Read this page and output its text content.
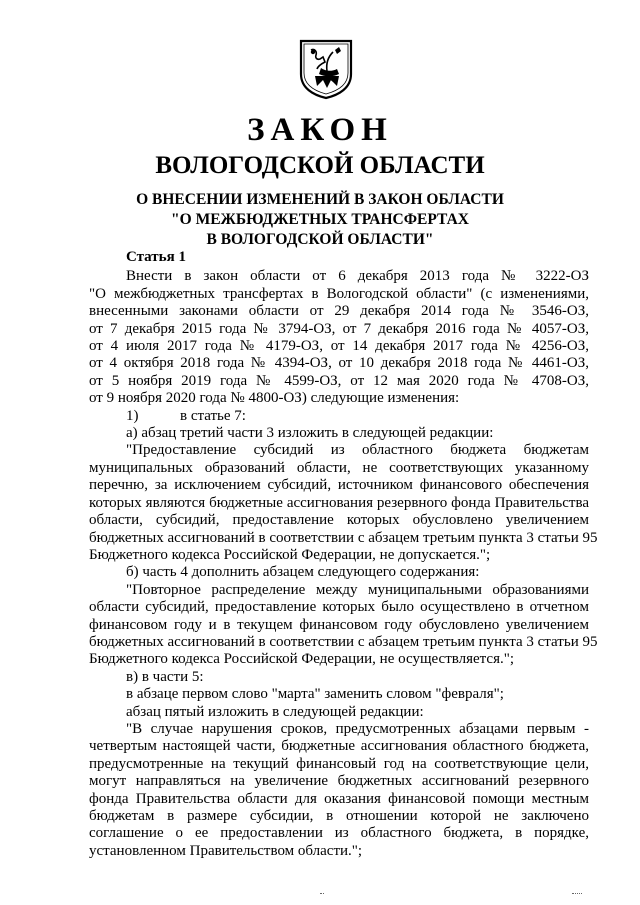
ЗАКОН
ВОЛОГОДСКОЙ ОБЛАСТИ
О ВНЕСЕНИИ ИЗМЕНЕНИЙ В ЗАКОН ОБЛАСТИ
"О МЕЖБЮДЖЕТНЫХ ТРАНСФЕРТАХ
В ВОЛОГОДСКОЙ ОБЛАСТИ"

Статья 1

Внести в закон области от 6 декабря 2013 года № 3222-ОЗ

"О межбюджетных трансфертах в Вологодской области" (с изменениями,

внесенными законами области от 29 декабря 2014 года № 3546-ОЗ,

от 7 декабря 2015 года № 3794-ОЗ, от 7 декабря 2016 года № 4057-ОЗ,

от 4 июля 2017 года № 4179-ОЗ, от 14 декабря 2017 года № 4256-ОЗ,

от 4 октября 2018 года № 4394-ОЗ, от 10 декабря 2018 года № 4461-ОЗ,

от 5 ноября 2019 года № 4599-ОЗ, от 12 мая 2020 года № 4708-ОЗ,

от 9 ноября 2020 года № 4800-ОЗ) следующие изменения:

1)	в статье 7:

а) абзац третий части 3 изложить в следующей редакции:

"Предоставление субсидий из областного бюджета бюджетам

муниципальных образований области, не соответствующих указанному

перечню, за исключением субсидий, источником финансового обеспечения

которых являются бюджетные ассигнования резервного фонда Правительства

области, субсидий, предоставление которых обусловлено увеличением

бюджетных ассигнований в соответствии с абзацем третьим пункта 3 статьи 95

Бюджетного кодекса Российской Федерации, не допускается.";

б) часть 4 дополнить абзацем следующего содержания:

"Повторное распределение между муниципальными образованиями

области субсидий, предоставление которых было осуществлено в отчетном

финансовом году и в текущем финансовом году обусловлено увеличением

бюджетных ассигнований в соответствии с абзацем третьим пункта 3 статьи 95

Бюджетного кодекса Российской Федерации, не осуществляется.";

в) в части 5:

в абзаце первом слово "марта" заменить словом "февраля";

абзац пятый изложить в следующей редакции:

"В случае нарушения сроков, предусмотренных абзацами первым -

четвертым настоящей части, бюджетные ассигнования областного бюджета,

предусмотренные на текущий финансовый год на соответствующие цели,

могут направляться на увеличение бюджетных ассигнований резервного

фонда Правительства области для оказания финансовой помощи местным

бюджетам в размере субсидии, в отношении которой не заключено

соглашение о ее предоставлении из областного бюджета, в порядке,

установленном Правительством области.";
